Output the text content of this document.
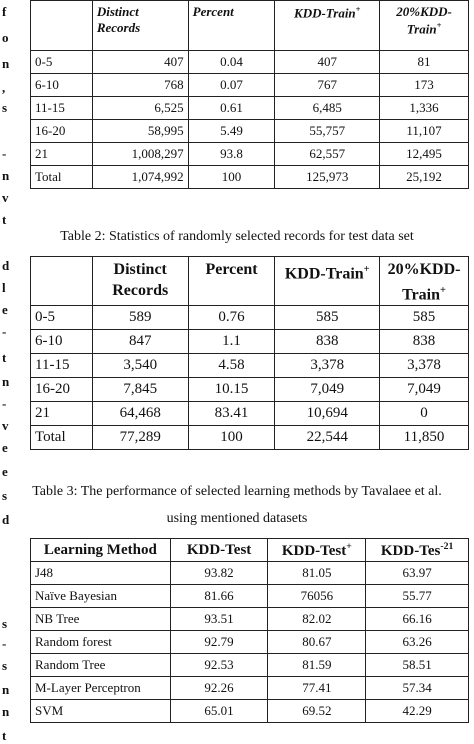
f
o
n
,
s
-
n
v
t
d
l
e
-
t
n
-
v
e
e
s
d
s
-
s
n
n
t
	Distinct Records	Percent	KDD-Train+	20%KDD-Train+
0-5	407	0.04	407	81
6-10	768	0.07	767	173
11-15	6,525	0.61	6,485	1,336
16-20	58,995	5.49	55,757	11,107
21	1,008,297	93.8	62,557	12,495
Total	1,074,992	100	125,973	25,192
Table 2: Statistics of randomly selected records for test data set
	Distinct Records	Percent	KDD-Train+	20%KDD-Train+
0-5	589	0.76	585	585
6-10	847	1.1	838	838
11-15	3,540	4.58	3,378	3,378
16-20	7,845	10.15	7,049	7,049
21	64,468	83.41	10,694	0
Total	77,289	100	22,544	11,850
Table 3: The performance of selected learning methods by Tavalaee et al.
using mentioned datasets
Learning Method	KDD-Test	KDD-Test+	KDD-Tes$^{-21}$
J48	93.82	81.05	63.97
Naïve Bayesian	81.66	76056	55.77
NB Tree	93.51	82.02	66.16
Random forest	92.79	80.67	63.26
Random Tree	92.53	81.59	58.51
M-Layer Perceptron	92.26	77.41	57.34
SVM	65.01	69.52	42.29
